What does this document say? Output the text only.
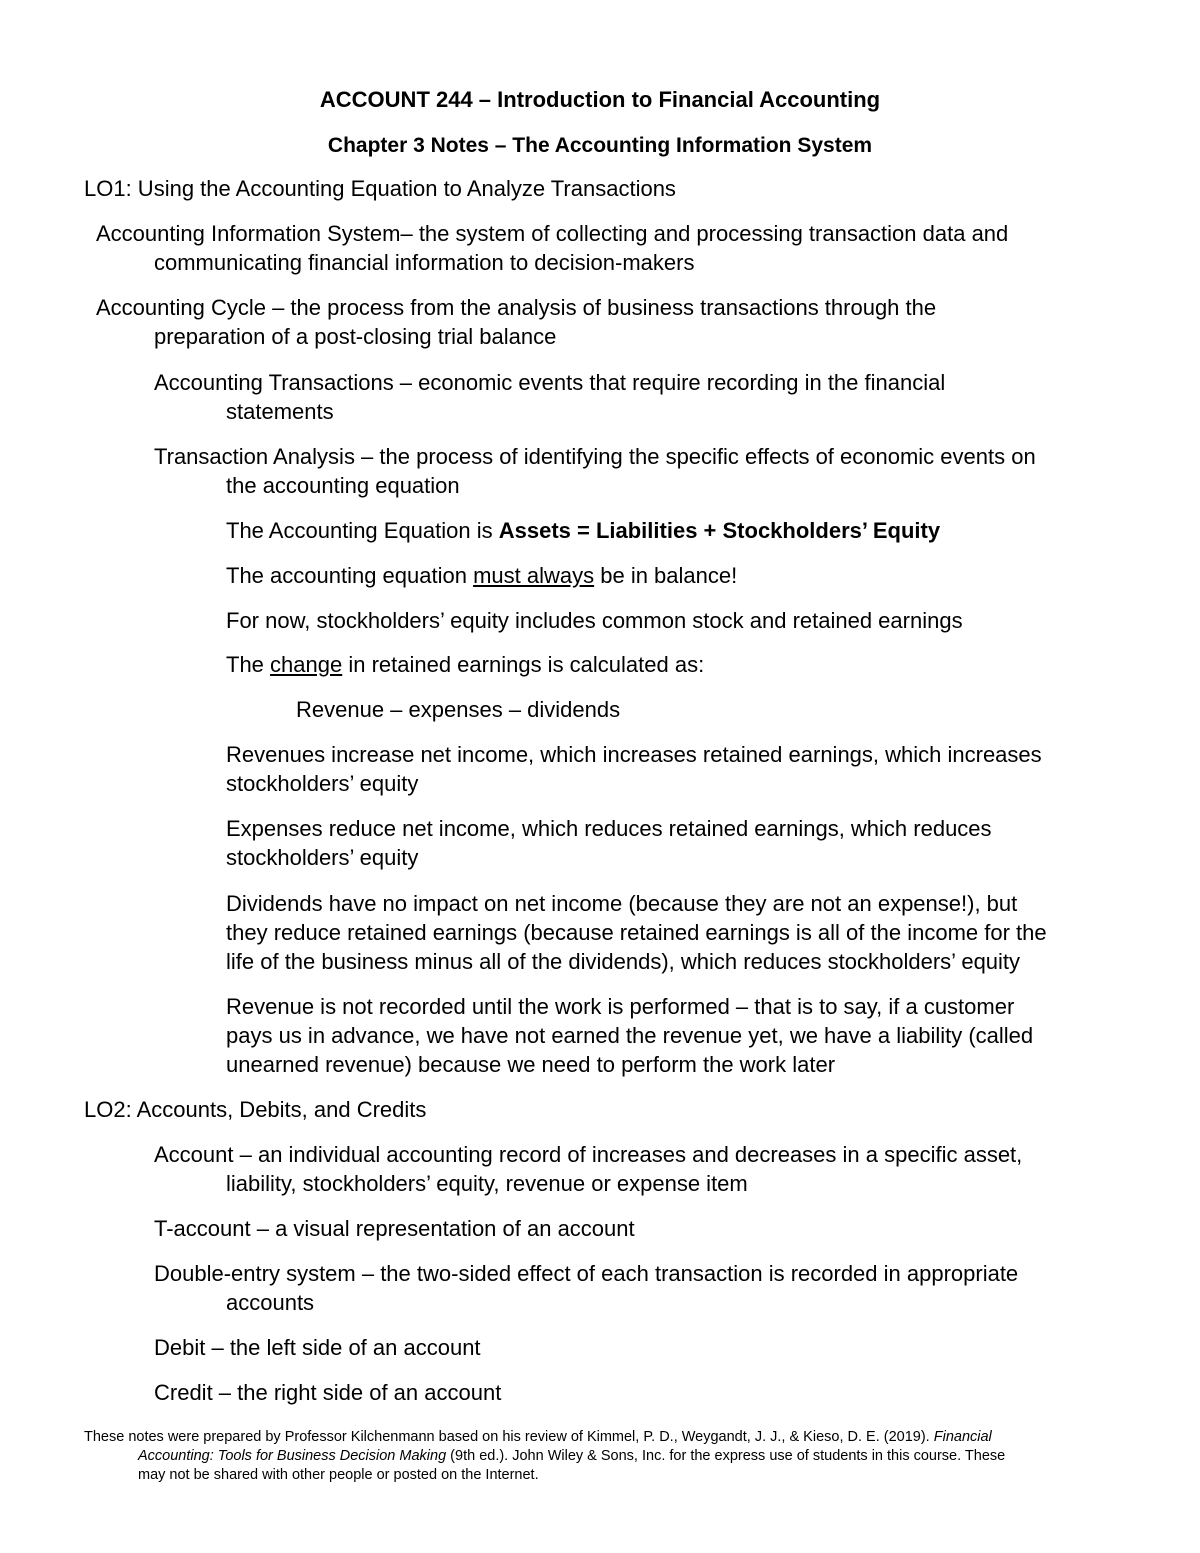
ACCOUNT 244 – Introduction to Financial Accounting
Chapter 3 Notes – The Accounting Information System
LO1: Using the Accounting Equation to Analyze Transactions
Accounting Information System– the system of collecting and processing transaction data and
communicating financial information to decision-makers
Accounting Cycle – the process from the analysis of business transactions through the
preparation of a post-closing trial balance
Accounting Transactions – economic events that require recording in the financial
statements
Transaction Analysis – the process of identifying the specific effects of economic events on
the accounting equation
The Accounting Equation is Assets = Liabilities + Stockholders’ Equity
The accounting equation must always be in balance!
For now, stockholders’ equity includes common stock and retained earnings
The change in retained earnings is calculated as:
Revenue – expenses – dividends
Revenues increase net income, which increases retained earnings, which increases
stockholders’ equity
Expenses reduce net income, which reduces retained earnings, which reduces
stockholders’ equity
Dividends have no impact on net income (because they are not an expense!), but
they reduce retained earnings (because retained earnings is all of the income for the
life of the business minus all of the dividends), which reduces stockholders’ equity
Revenue is not recorded until the work is performed – that is to say, if a customer
pays us in advance, we have not earned the revenue yet, we have a liability (called
unearned revenue) because we need to perform the work later
LO2: Accounts, Debits, and Credits
Account – an individual accounting record of increases and decreases in a specific asset,
liability, stockholders’ equity, revenue or expense item
T-account – a visual representation of an account
Double-entry system – the two-sided effect of each transaction is recorded in appropriate
accounts
Debit – the left side of an account
Credit – the right side of an account
These notes were prepared by Professor Kilchenmann based on his review of Kimmel, P. D., Weygandt, J. J., & Kieso, D. E. (2019). Financial
Accounting: Tools for Business Decision Making (9th ed.). John Wiley & Sons, Inc. for the express use of students in this course. These
may not be shared with other people or posted on the Internet.
